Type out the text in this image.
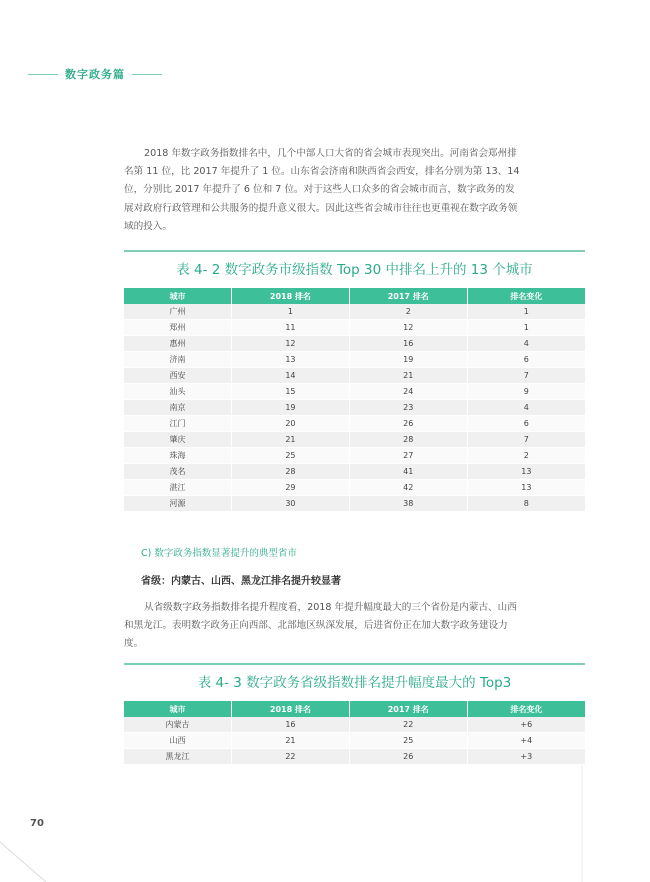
数字政务篇

2018 年数字政务指数排名中，几个中部人口大省的省会城市表现突出。河南省会郑州排名第 11 位，比 2017 年提升了 1 位。山东省会济南和陕西省会西安，排名分别为第 13、14 位，分别比 2017 年提升了 6 位和 7 位。对于这些人口众多的省会城市而言，数字政务的发展对政府行政管理和公共服务的提升意义很大。因此这些省会城市往往也更重视在数字政务领域的投入。

表 4- 2 数字政务市级指数 Top 30 中排名上升的 13 个城市
城市	2018 排名	2017 排名	排名变化
广州	1	2	1
郑州	11	12	1
惠州	12	16	4
济南	13	19	6
西安	14	21	7
汕头	15	24	9
南京	19	23	4
江门	20	26	6
肇庆	21	28	7
珠海	25	27	2
茂名	28	41	13
湛江	29	42	13
河源	30	38	8
C) 数字政务指数显著提升的典型省市
省级：内蒙古、山西、黑龙江排名提升较显著

从省级数字政务指数排名提升程度看，2018 年提升幅度最大的三个省份是内蒙古、山西和黑龙江。表明数字政务正向西部、北部地区纵深发展，后进省份正在加大数字政务建设力度。

表 4- 3 数字政务省级指数排名提升幅度最大的 Top3
城市	2018 排名	2017 排名	排名变化
内蒙古	16	22	+6
山西	21	25	+4
黑龙江	22	26	+3
70
